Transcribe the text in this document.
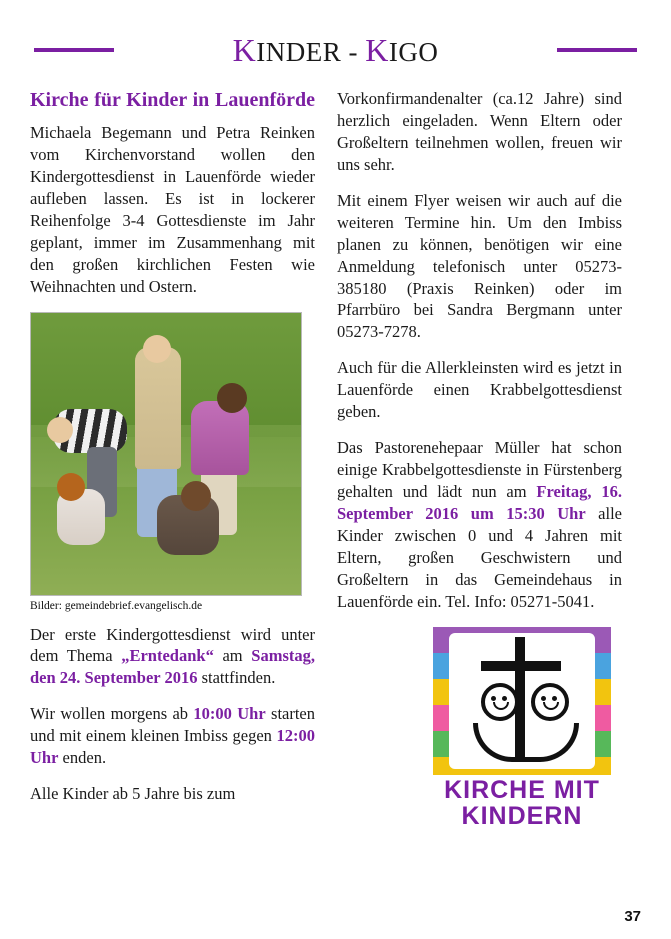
KINDER - KIGO
Kirche für Kinder in Lauenförde

Michaela Begemann und Petra Reinken vom Kirchenvorstand wollen den Kindergottesdienst in Lauenförde wieder aufleben lassen. Es ist in lockerer Reihenfolge 3-4 Gottesdienste im Jahr geplant, immer im Zusammenhang mit den großen kirchlichen Festen wie Weihnachten und Ostern.

Bilder: gemeindebrief.evangelisch.de

Der erste Kindergottesdienst wird unter dem Thema „Erntedank“ am Samstag, den 24. September 2016 stattfinden.

Wir wollen morgens ab 10:00 Uhr starten und mit einem kleinen Imbiss gegen 12:00 Uhr enden.

Alle Kinder ab 5 Jahre bis zum

Vorkonfirmandenalter (ca.12 Jahre) sind herzlich eingeladen. Wenn Eltern oder Großeltern teilnehmen wollen, freuen wir uns sehr.

Mit einem Flyer weisen wir auch auf die weiteren Termine hin. Um den Imbiss planen zu können, benötigen wir eine Anmeldung telefonisch unter 05273-385180 (Praxis Reinken) oder im Pfarrbüro bei Sandra Bergmann unter 05273-7278.

Auch für die Allerkleinsten wird es jetzt in Lauenförde einen Krabbelgottesdienst geben.

Das Pastorenehepaar Müller hat schon einige Krabbelgottesdienste in Fürstenberg gehalten und lädt nun am Freitag, 16. September 2016 um 15:30 Uhr alle Kinder zwischen 0 und 4 Jahren mit Eltern, großen Geschwistern und Großeltern in das Gemeindehaus in Lauenförde ein. Tel. Info: 05271-5041.

KIRCHE MIT
KINDERN
37
